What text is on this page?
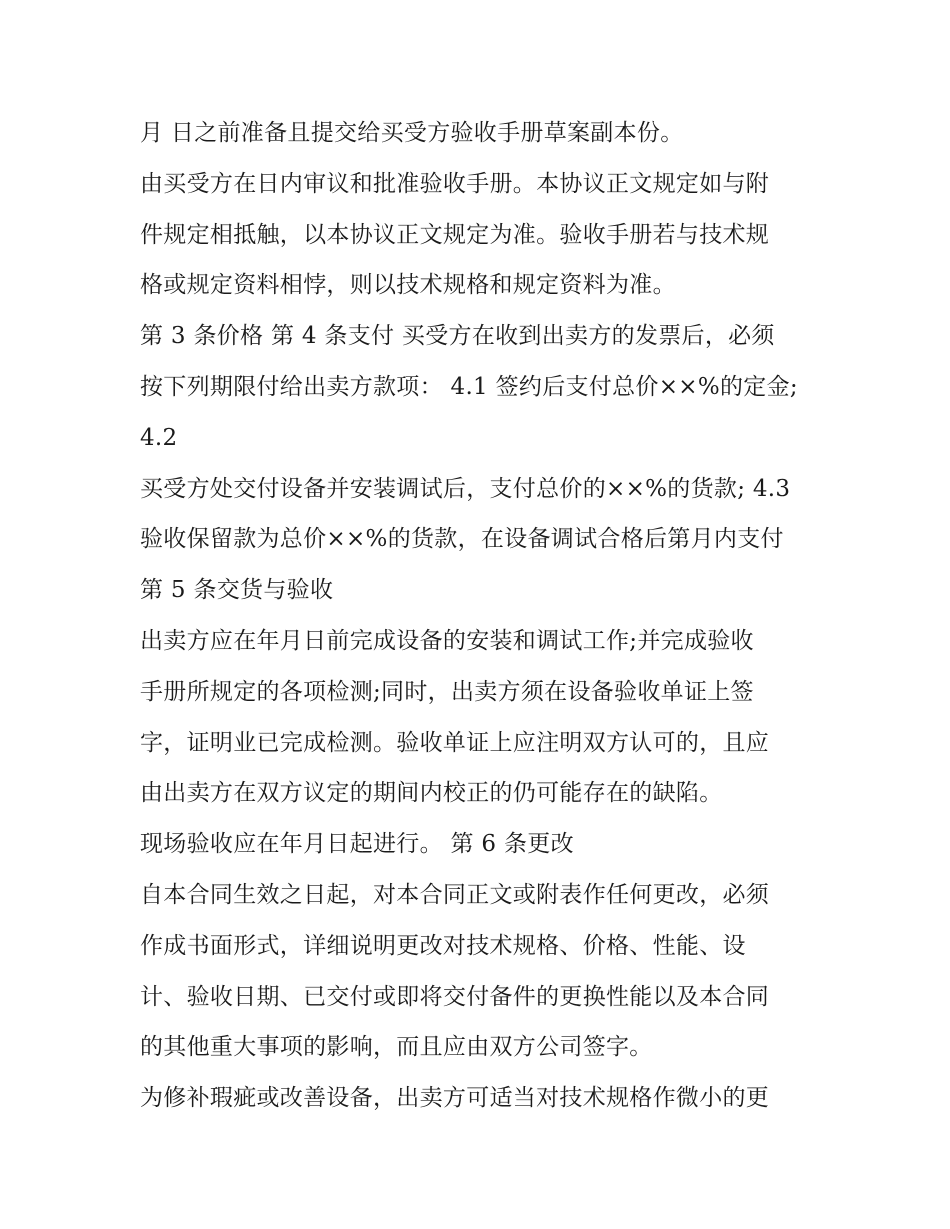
月 日之前准备且提交给买受方验收手册草案副本份。
由买受方在日内审议和批准验收手册。本协议正文规定如与附
件规定相抵触，以本协议正文规定为准。验收手册若与技术规
格或规定资料相悖，则以技术规格和规定资料为准。
第 3 条价格 第 4 条支付 买受方在收到出卖方的发票后，必须
按下列期限付给出卖方款项： 4.1 签约后支付总价××%的定金;
4.2
买受方处交付设备并安装调试后，支付总价的××%的货款; 4.3
验收保留款为总价××%的货款，在设备调试合格后第月内支付
第 5 条交货与验收
出卖方应在年月日前完成设备的安装和调试工作;并完成验收
手册所规定的各项检测;同时，出卖方须在设备验收单证上签
字，证明业已完成检测。验收单证上应注明双方认可的，且应
由出卖方在双方议定的期间内校正的仍可能存在的缺陷。
现场验收应在年月日起进行。 第 6 条更改
自本合同生效之日起，对本合同正文或附表作任何更改，必须
作成书面形式，详细说明更改对技术规格、价格、性能、设
计、验收日期、已交付或即将交付备件的更换性能以及本合同
的其他重大事项的影响，而且应由双方公司签字。
为修补瑕疵或改善设备，出卖方可适当对技术规格作微小的更
